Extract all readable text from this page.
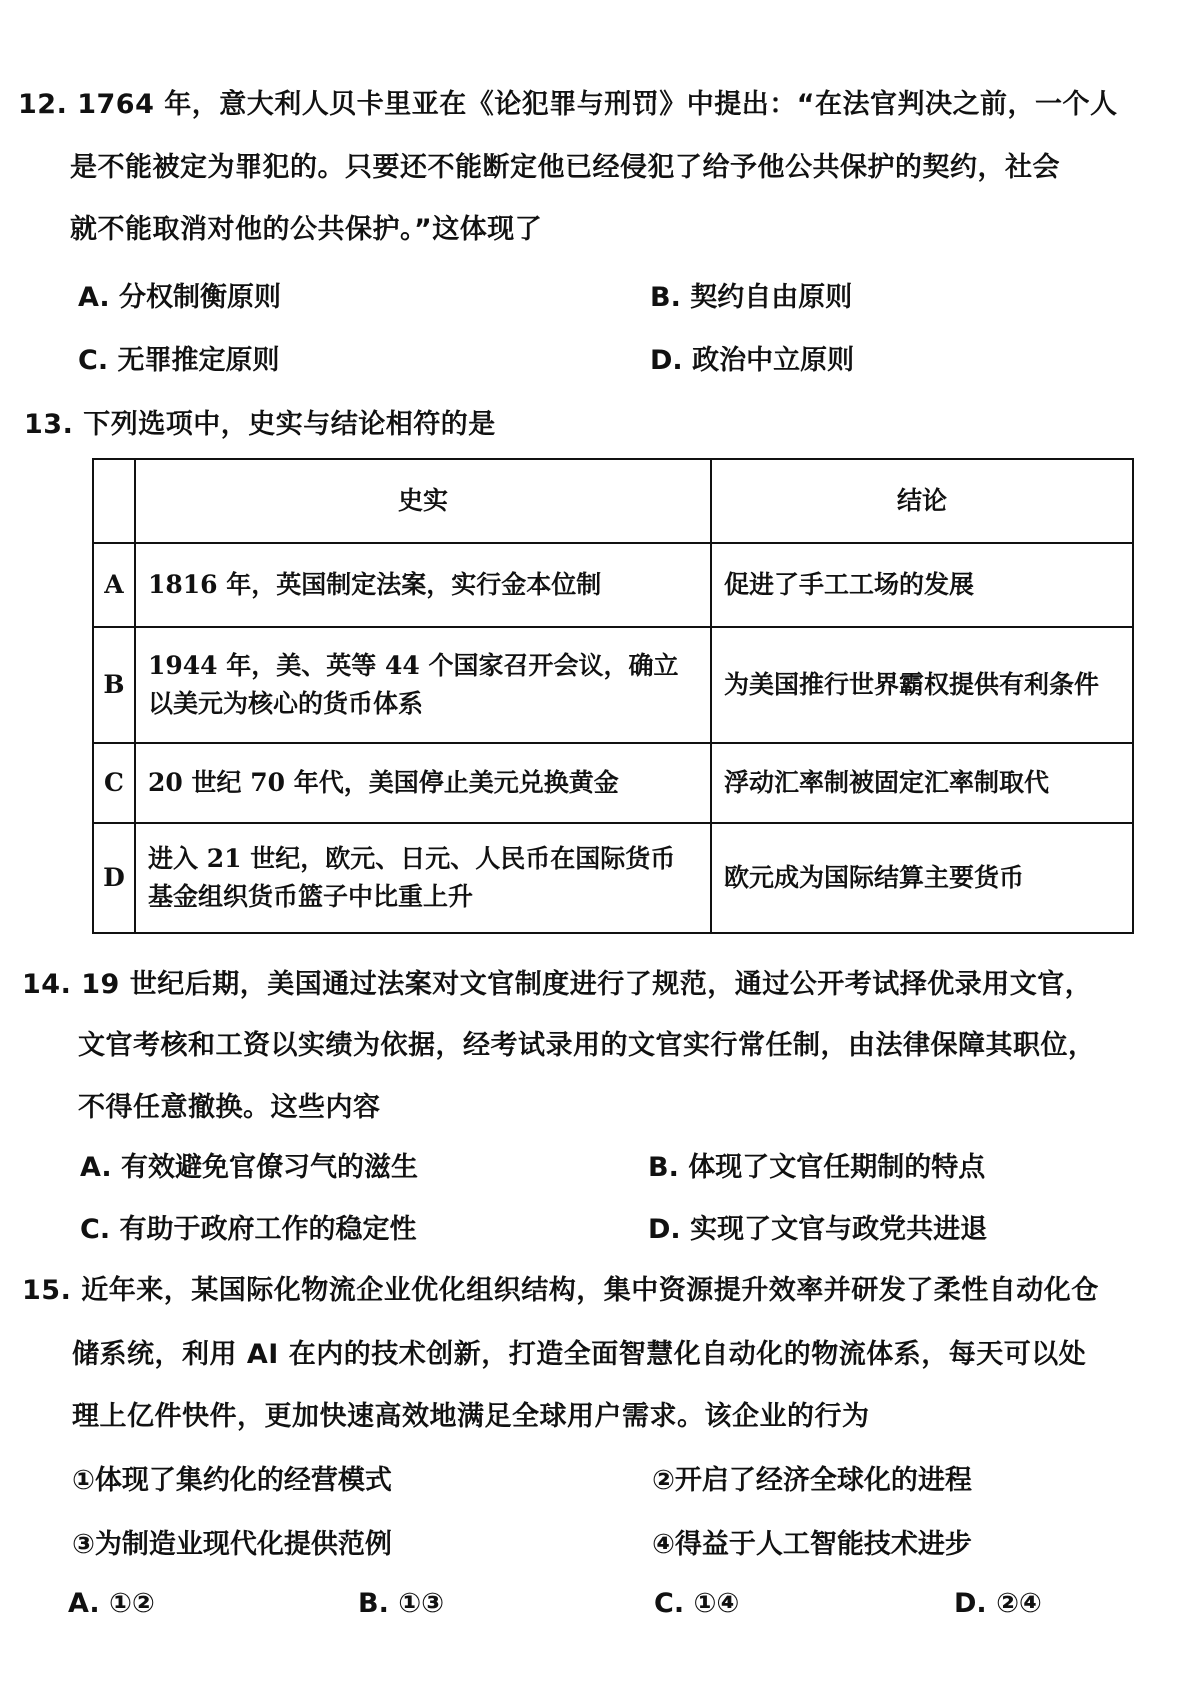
12. 1764 年，意大利人贝卡里亚在《论犯罪与刑罚》中提出：“在法官判决之前，一个人
是不能被定为罪犯的。只要还不能断定他已经侵犯了给予他公共保护的契约，社会
就不能取消对他的公共保护。”这体现了
A. 分权制衡原则	B. 契约自由原则
C. 无罪推定原则	D. 政治中立原则
13. 下列选项中，史实与结论相符的是
	史实	结论
A	1816 年，英国制定法案，实行金本位制	促进了手工工场的发展
B	1944 年，美、英等 44 个国家召开会议，确立以美元为核心的货币体系	为美国推行世界霸权提供有利条件
C	20 世纪 70 年代，美国停止美元兑换黄金	浮动汇率制被固定汇率制取代
D	进入 21 世纪，欧元、日元、人民币在国际货币基金组织货币篮子中比重上升	欧元成为国际结算主要货币
14. 19 世纪后期，美国通过法案对文官制度进行了规范，通过公开考试择优录用文官，
文官考核和工资以实绩为依据，经考试录用的文官实行常任制，由法律保障其职位，
不得任意撤换。这些内容
A. 有效避免官僚习气的滋生	B. 体现了文官任期制的特点
C. 有助于政府工作的稳定性	D. 实现了文官与政党共进退
15. 近年来，某国际化物流企业优化组织结构，集中资源提升效率并研发了柔性自动化仓
储系统，利用 AI 在内的技术创新，打造全面智慧化自动化的物流体系，每天可以处
理上亿件快件，更加快速高效地满足全球用户需求。该企业的行为
①体现了集约化的经营模式	②开启了经济全球化的进程
③为制造业现代化提供范例	④得益于人工智能技术进步
A. ①②	B. ①③	C. ①④	D. ②④
